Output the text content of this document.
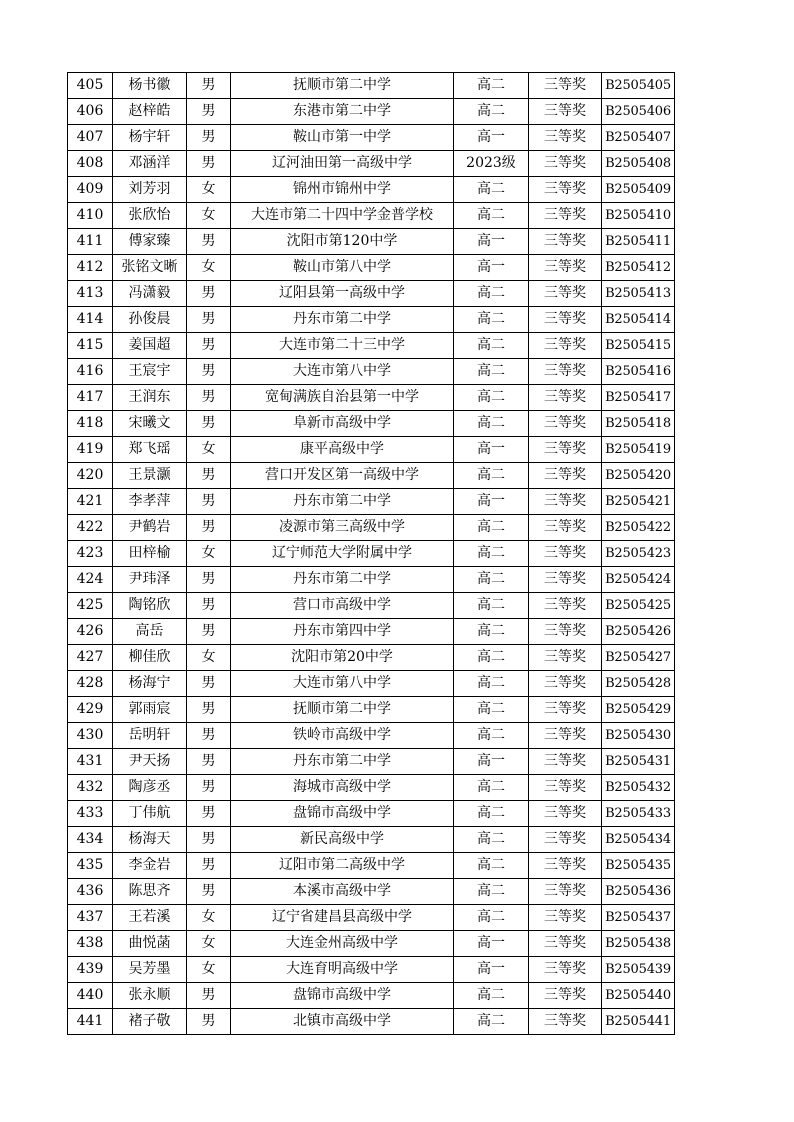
405	杨书徽	男	抚顺市第二中学	高二	三等奖	B2505405
406	赵梓皓	男	东港市第二中学	高二	三等奖	B2505406
407	杨宇轩	男	鞍山市第一中学	高一	三等奖	B2505407
408	邓涵洋	男	辽河油田第一高级中学	2023级	三等奖	B2505408
409	刘芳羽	女	锦州市锦州中学	高二	三等奖	B2505409
410	张欣怡	女	大连市第二十四中学金普学校	高二	三等奖	B2505410
411	傅家臻	男	沈阳市第120中学	高一	三等奖	B2505411
412	张铭文晰	女	鞍山市第八中学	高一	三等奖	B2505412
413	冯潇毅	男	辽阳县第一高级中学	高二	三等奖	B2505413
414	孙俊晨	男	丹东市第二中学	高二	三等奖	B2505414
415	姜国超	男	大连市第二十三中学	高二	三等奖	B2505415
416	王宸宇	男	大连市第八中学	高二	三等奖	B2505416
417	王润东	男	宽甸满族自治县第一中学	高二	三等奖	B2505417
418	宋曦文	男	阜新市高级中学	高二	三等奖	B2505418
419	郑飞瑶	女	康平高级中学	高一	三等奖	B2505419
420	王景灏	男	营口开发区第一高级中学	高二	三等奖	B2505420
421	李孝萍	男	丹东市第二中学	高一	三等奖	B2505421
422	尹鹤岩	男	凌源市第三高级中学	高二	三等奖	B2505422
423	田梓榆	女	辽宁师范大学附属中学	高二	三等奖	B2505423
424	尹玮泽	男	丹东市第二中学	高二	三等奖	B2505424
425	陶铭欣	男	营口市高级中学	高二	三等奖	B2505425
426	高岳	男	丹东市第四中学	高二	三等奖	B2505426
427	柳佳欣	女	沈阳市第20中学	高二	三等奖	B2505427
428	杨海宁	男	大连市第八中学	高二	三等奖	B2505428
429	郭雨宸	男	抚顺市第二中学	高二	三等奖	B2505429
430	岳明轩	男	铁岭市高级中学	高二	三等奖	B2505430
431	尹天扬	男	丹东市第二中学	高一	三等奖	B2505431
432	陶彦丞	男	海城市高级中学	高二	三等奖	B2505432
433	丁伟航	男	盘锦市高级中学	高二	三等奖	B2505433
434	杨海天	男	新民高级中学	高二	三等奖	B2505434
435	李金岩	男	辽阳市第二高级中学	高二	三等奖	B2505435
436	陈思齐	男	本溪市高级中学	高二	三等奖	B2505436
437	王若溪	女	辽宁省建昌县高级中学	高二	三等奖	B2505437
438	曲悦菡	女	大连金州高级中学	高一	三等奖	B2505438
439	吴芳墨	女	大连育明高级中学	高一	三等奖	B2505439
440	张永顺	男	盘锦市高级中学	高二	三等奖	B2505440
441	褚子敬	男	北镇市高级中学	高二	三等奖	B2505441
